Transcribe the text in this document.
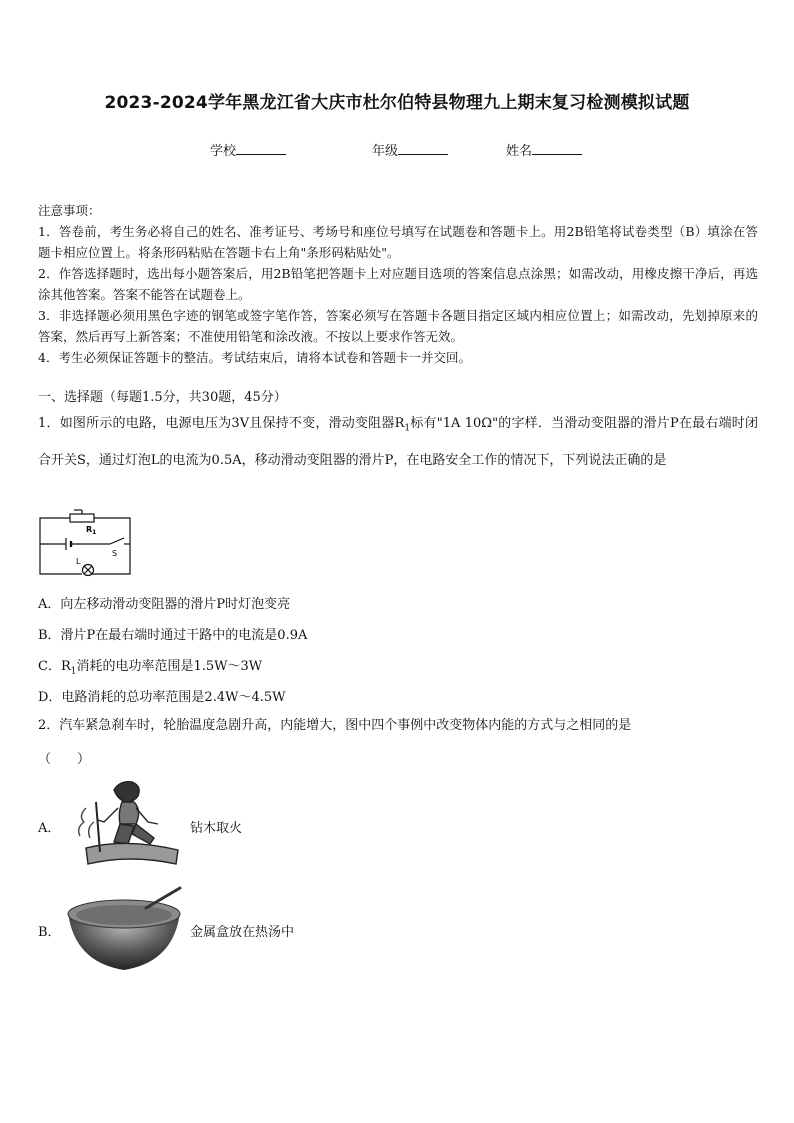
2023-2024学年黑龙江省大庆市杜尔伯特县物理九上期末复习检测模拟试题
学校	年级	姓名
注意事项：

1．答卷前，考生务必将自己的姓名、准考证号、考场号和座位号填写在试题卷和答题卡上。用2B铅笔将试卷类型（B）填涂在答题卡相应位置上。将条形码粘贴在答题卡右上角"条形码粘贴处"。

2．作答选择题时，选出每小题答案后，用2B铅笔把答题卡上对应题目选项的答案信息点涂黑；如需改动，用橡皮擦干净后，再选涂其他答案。答案不能答在试题卷上。

3．非选择题必须用黑色字迹的钢笔或签字笔作答，答案必须写在答题卡各题目指定区域内相应位置上；如需改动，先划掉原来的答案，然后再写上新答案；不准使用铅笔和涂改液。不按以上要求作答无效。

4．考生必须保证答题卡的整洁。考试结束后，请将本试卷和答题卡一并交回。

一、选择题（每题1.5分，共30题，45分）
1．如图所示的电路，电源电压为3V且保持不变，滑动变阻器$R_1$标有"1A 10Ω"的字样．当滑动变阻器的滑片P在最右端时闭合开关S，通过灯泡L的电流为0.5A，移动滑动变阻器的滑片P，在电路安全工作的情况下，下列说法正确的是
$R_1$
S
L
A．向左移动滑动变阻器的滑片P时灯泡变亮
B．滑片P在最右端时通过干路中的电流是0.9A
C．$R_1$消耗的电功率范围是1.5W～3W
D．电路消耗的总功率范围是2.4W～4.5W
2．汽车紧急刹车时，轮胎温度急剧升高，内能增大，图中四个事例中改变物体内能的方式与之相同的是
（　　）
A．	钻木取火
B．	金属盒放在热汤中
